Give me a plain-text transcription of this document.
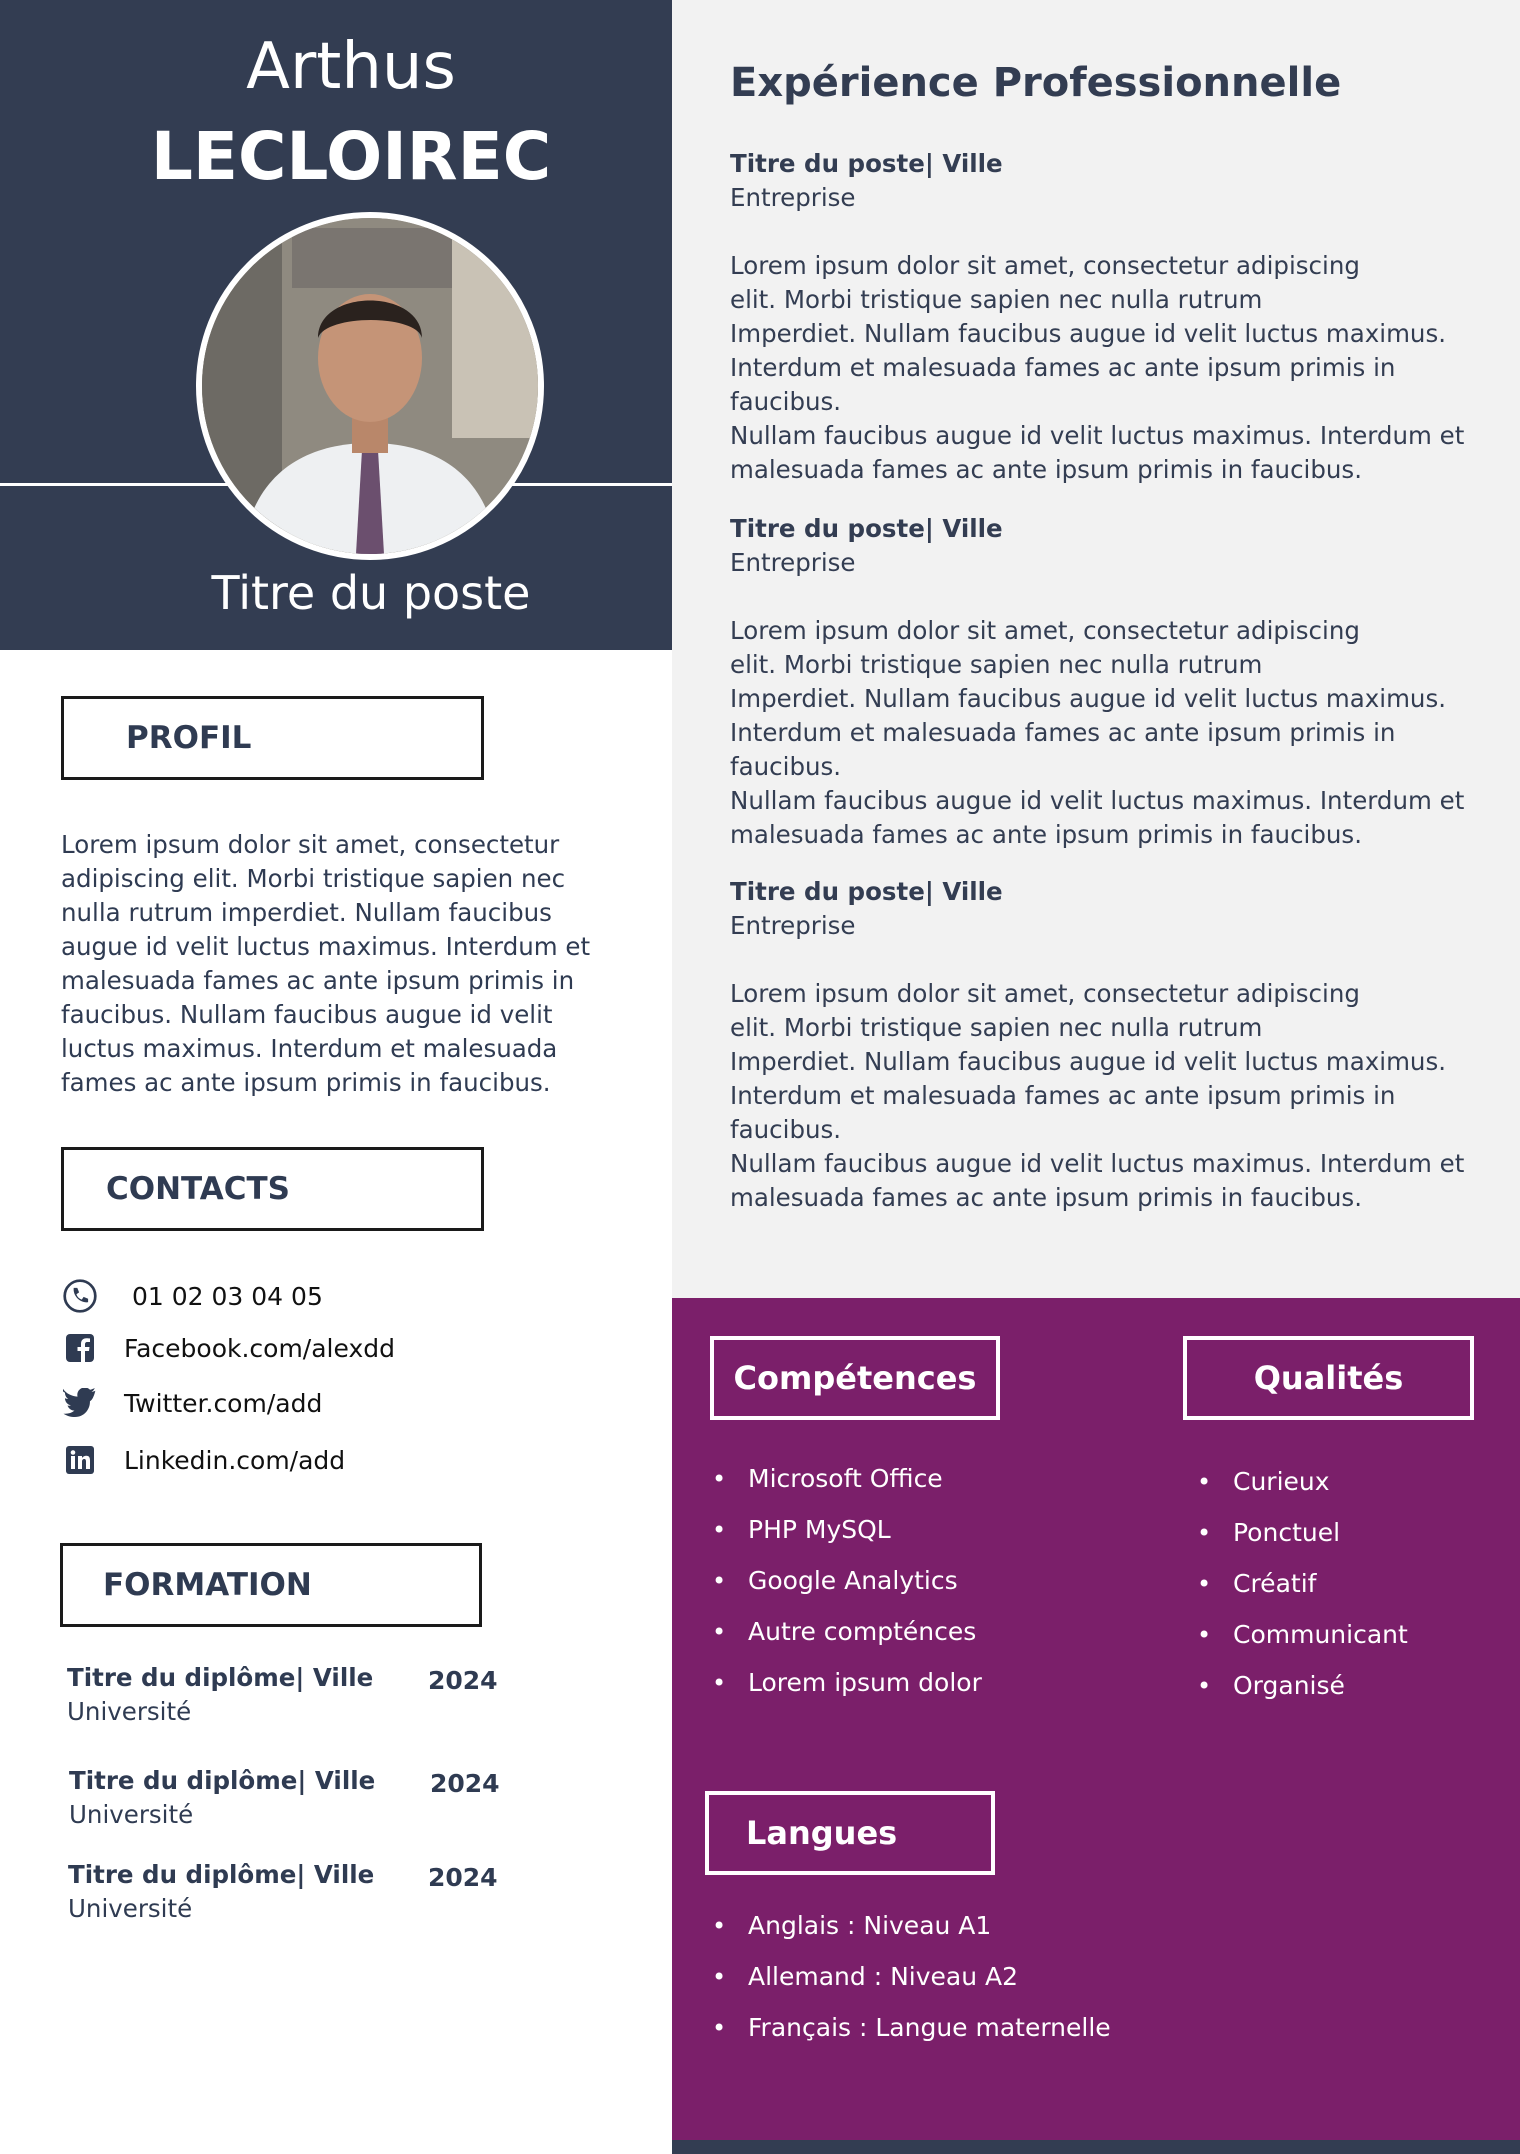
Arthus
LECLOIREC
Titre du poste
PROFIL
Lorem ipsum dolor sit amet, consectetur adipiscing elit. Morbi tristique sapien nec nulla rutrum imperdiet. Nullam faucibus augue id velit luctus maximus. Interdum et malesuada fames ac ante ipsum primis in faucibus. Nullam faucibus augue id velit luctus maximus. Interdum et malesuada fames ac ante ipsum primis in faucibus.
CONTACTS
01 02 03 04 05
Facebook.com/alexdd
Twitter.com/add
Linkedin.com/add
FORMATION
Titre du diplôme| Ville
Université
2024
Titre du diplôme| Ville
Université
2024
Titre du diplôme| Ville
Université
2024
Expérience Professionnelle
Titre du poste| Ville
Entreprise
Lorem ipsum dolor sit amet, consectetur adipiscing
elit. Morbi tristique sapien nec nulla rutrum
Imperdiet. Nullam faucibus augue id velit luctus maximus.
Interdum et malesuada fames ac ante ipsum primis in faucibus.
Nullam faucibus augue id velit luctus maximus. Interdum et
malesuada fames ac ante ipsum primis in faucibus.
Titre du poste| Ville
Entreprise
Lorem ipsum dolor sit amet, consectetur adipiscing
elit. Morbi tristique sapien nec nulla rutrum
Imperdiet. Nullam faucibus augue id velit luctus maximus.
Interdum et malesuada fames ac ante ipsum primis in faucibus.
Nullam faucibus augue id velit luctus maximus. Interdum et
malesuada fames ac ante ipsum primis in faucibus.
Titre du poste| Ville
Entreprise
Lorem ipsum dolor sit amet, consectetur adipiscing
elit. Morbi tristique sapien nec nulla rutrum
Imperdiet. Nullam faucibus augue id velit luctus maximus.
Interdum et malesuada fames ac ante ipsum primis in faucibus.
Nullam faucibus augue id velit luctus maximus. Interdum et
malesuada fames ac ante ipsum primis in faucibus.
Compétences
• Microsoft Office
• PHP MySQL
• Google Analytics
• Autre compténces
• Lorem ipsum dolor
Qualités
• Curieux
• Ponctuel
• Créatif
• Communicant
• Organisé
Langues
• Anglais : Niveau A1
• Allemand : Niveau A2
• Français : Langue maternelle
